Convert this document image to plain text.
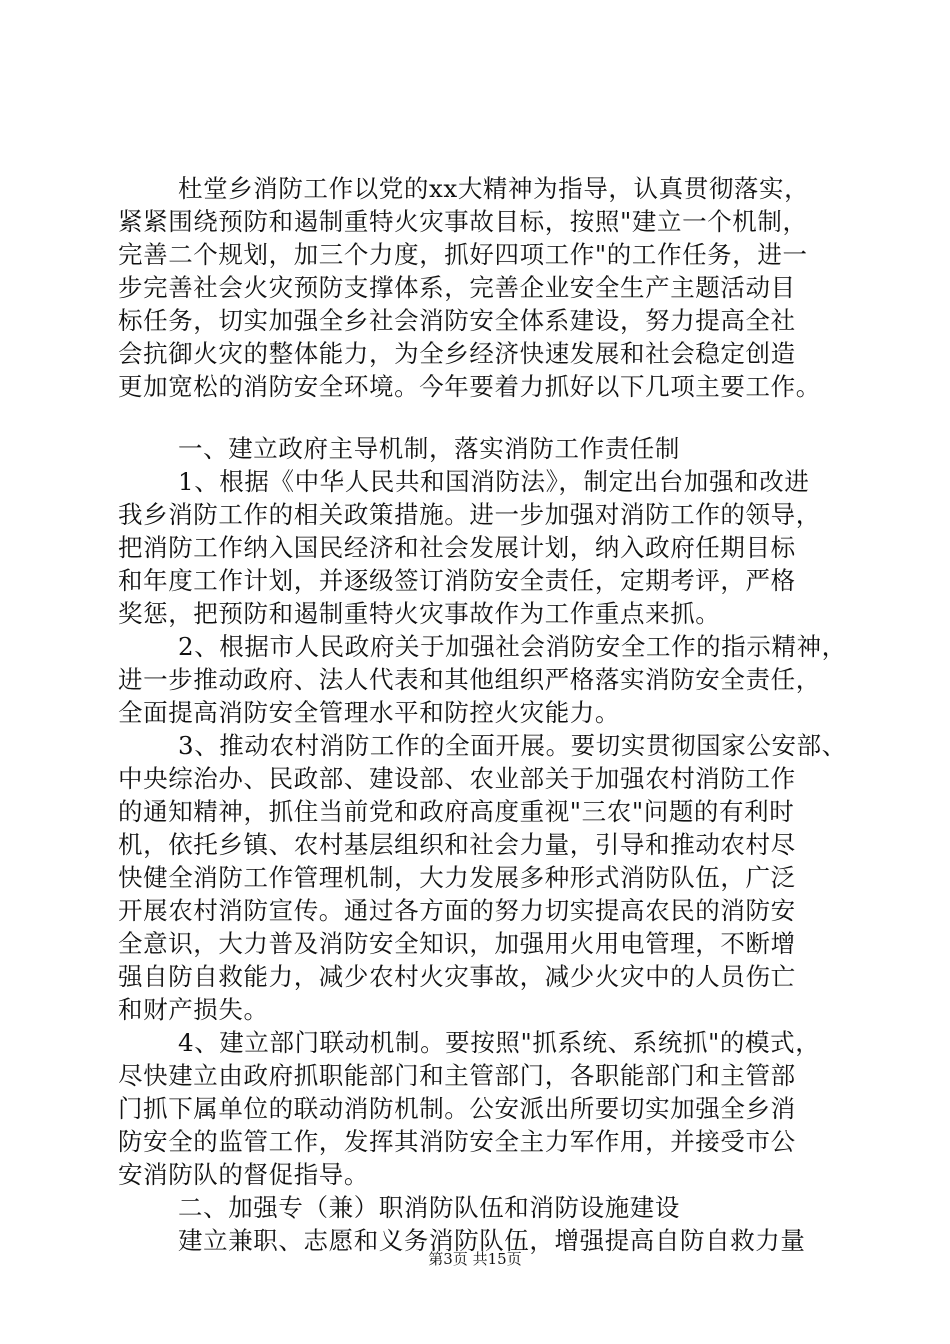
杜堂乡消防工作以党的xx大精神为指导，认真贯彻落实，
紧紧围绕预防和遏制重特火灾事故目标，按照"建立一个机制，
完善二个规划，加三个力度，抓好四项工作"的工作任务，进一
步完善社会火灾预防支撑体系，完善企业安全生产主题活动目
标任务，切实加强全乡社会消防安全体系建设，努力提高全社
会抗御火灾的整体能力，为全乡经济快速发展和社会稳定创造
更加宽松的消防安全环境。今年要着力抓好以下几项主要工作。
一、建立政府主导机制，落实消防工作责任制
1、根据《中华人民共和国消防法》，制定出台加强和改进
我乡消防工作的相关政策措施。进一步加强对消防工作的领导，
把消防工作纳入国民经济和社会发展计划，纳入政府任期目标
和年度工作计划，并逐级签订消防安全责任，定期考评，严格
奖惩，把预防和遏制重特火灾事故作为工作重点来抓。
2、根据市人民政府关于加强社会消防安全工作的指示精神，
进一步推动政府、法人代表和其他组织严格落实消防安全责任，
全面提高消防安全管理水平和防控火灾能力。
3、推动农村消防工作的全面开展。要切实贯彻国家公安部、
中央综治办、民政部、建设部、农业部关于加强农村消防工作
的通知精神，抓住当前党和政府高度重视"三农"问题的有利时
机，依托乡镇、农村基层组织和社会力量，引导和推动农村尽
快健全消防工作管理机制，大力发展多种形式消防队伍，广泛
开展农村消防宣传。通过各方面的努力切实提高农民的消防安
全意识，大力普及消防安全知识，加强用火用电管理，不断增
强自防自救能力，减少农村火灾事故，减少火灾中的人员伤亡
和财产损失。
4、建立部门联动机制。要按照"抓系统、系统抓"的模式，
尽快建立由政府抓职能部门和主管部门，各职能部门和主管部
门抓下属单位的联动消防机制。公安派出所要切实加强全乡消
防安全的监管工作，发挥其消防安全主力军作用，并接受市公
安消防队的督促指导。
二、加强专（兼）职消防队伍和消防设施建设
建立兼职、志愿和义务消防队伍，增强提高自防自救力量
第3页 共15页
